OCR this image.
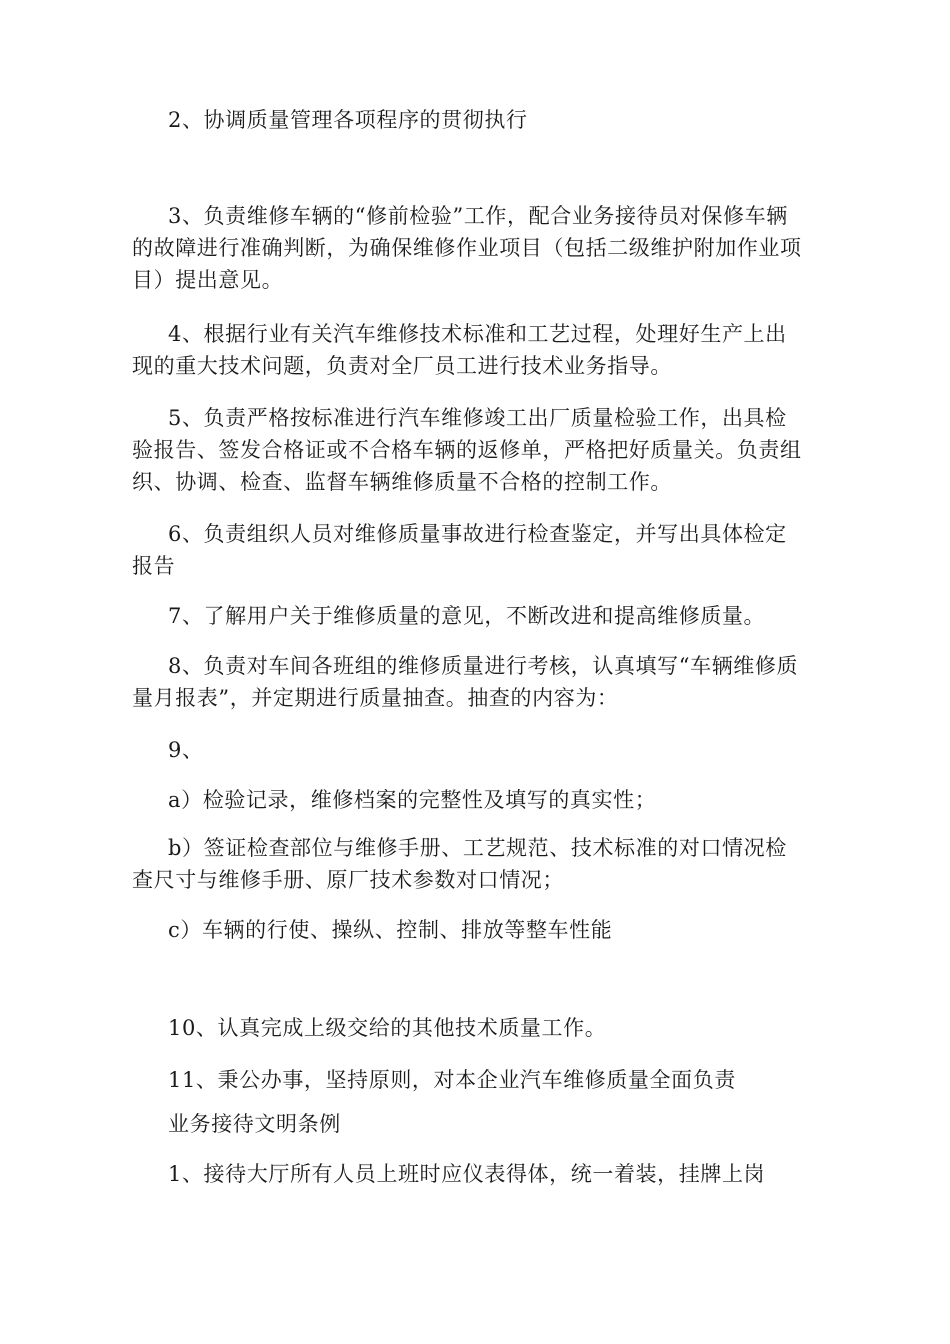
2、协调质量管理各项程序的贯彻执行

3、负责维修车辆的“修前检验”工作，配合业务接待员对保修车辆的故障进行准确判断，为确保维修作业项目（包括二级维护附加作业项目）提出意见。

4、根据行业有关汽车维修技术标准和工艺过程，处理好生产上出现的重大技术问题，负责对全厂员工进行技术业务指导。

5、负责严格按标准进行汽车维修竣工出厂质量检验工作，出具检验报告、签发合格证或不合格车辆的返修单，严格把好质量关。负责组织、协调、检查、监督车辆维修质量不合格的控制工作。

6、负责组织人员对维修质量事故进行检查鉴定，并写出具体检定报告

7、了解用户关于维修质量的意见，不断改进和提高维修质量。

8、负责对车间各班组的维修质量进行考核，认真填写“车辆维修质量月报表”，并定期进行质量抽查。抽查的内容为：

9、

a）检验记录，维修档案的完整性及填写的真实性；

b）签证检查部位与维修手册、工艺规范、技术标准的对口情况检查尺寸与维修手册、原厂技术参数对口情况；

c）车辆的行使、操纵、控制、排放等整车性能

10、认真完成上级交给的其他技术质量工作。

11、秉公办事，坚持原则，对本企业汽车维修质量全面负责

业务接待文明条例

1、接待大厅所有人员上班时应仪表得体，统一着装，挂牌上岗
